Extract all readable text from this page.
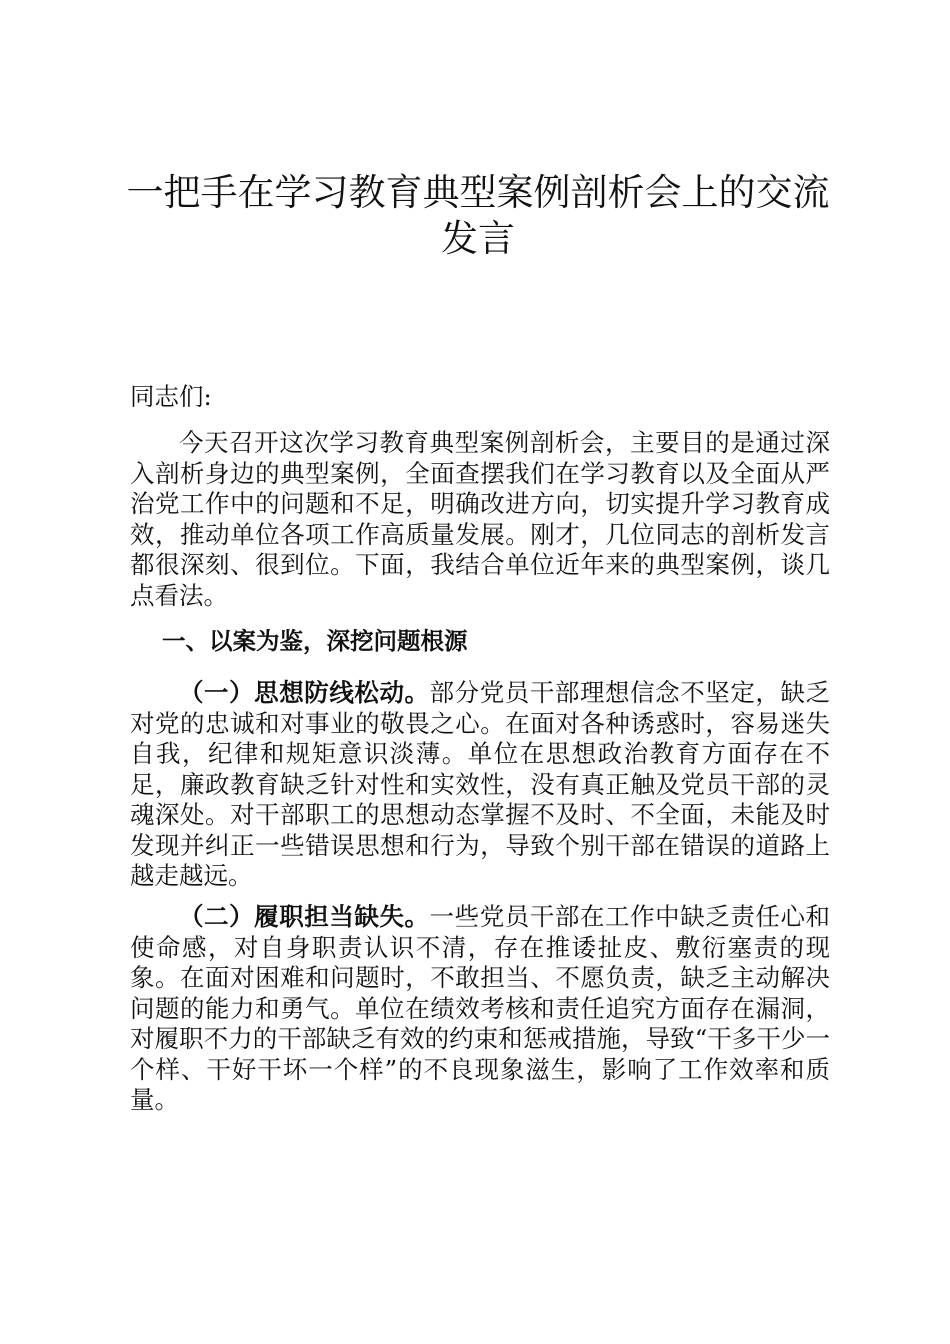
一把手在学习教育典型案例剖析会上的交流发言

同志们:

今天召开这次学习教育典型案例剖析会，主要目的是通过深入剖析身边的典型案例，全面查摆我们在学习教育以及全面从严治党工作中的问题和不足，明确改进方向，切实提升学习教育成效，推动单位各项工作高质量发展。刚才，几位同志的剖析发言都很深刻、很到位。下面，我结合单位近年来的典型案例，谈几点看法。

一、以案为鉴，深挖问题根源

（一）思想防线松动。部分党员干部理想信念不坚定，缺乏对党的忠诚和对事业的敬畏之心。在面对各种诱惑时，容易迷失自我，纪律和规矩意识淡薄。单位在思想政治教育方面存在不足，廉政教育缺乏针对性和实效性，没有真正触及党员干部的灵魂深处。对干部职工的思想动态掌握不及时、不全面，未能及时发现并纠正一些错误思想和行为，导致个别干部在错误的道路上越走越远。

（二）履职担当缺失。一些党员干部在工作中缺乏责任心和使命感，对自身职责认识不清，存在推诿扯皮、敷衍塞责的现象。在面对困难和问题时，不敢担当、不愿负责，缺乏主动解决问题的能力和勇气。单位在绩效考核和责任追究方面存在漏洞，对履职不力的干部缺乏有效的约束和惩戒措施，导致“干多干少一个样、干好干坏一个样”的不良现象滋生，影响了工作效率和质量。
